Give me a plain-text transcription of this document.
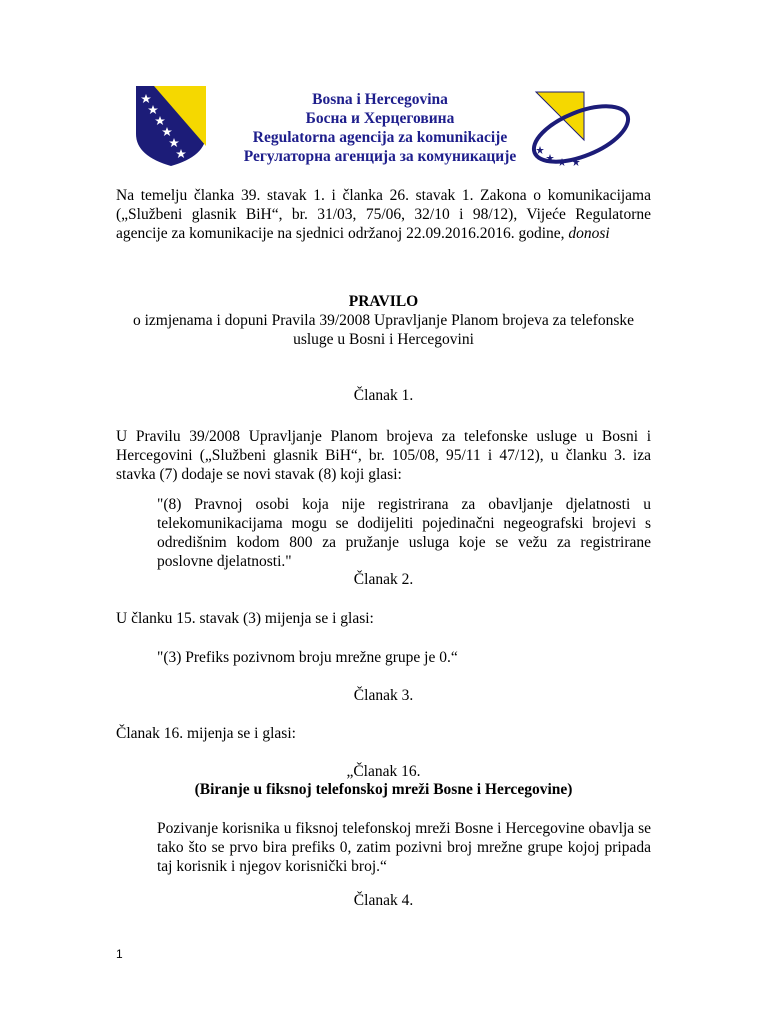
Bosna i Hercegovina
Босна и Херцеговина
Regulatorna agencija za komunikacije
Регулаторна агенција за комуникације

Na temelju članka 39. stavak 1. i članka 26. stavak 1. Zakona o komunikacijama („Službeni glasnik BiH“, br. 31/03, 75/06, 32/10 i 98/12), Vijeće Regulatorne agencije za komunikacije na sjednici održanoj 22.09.2016.2016. godine, donosi

PRAVILO
o izmjenama i dopuni Pravila 39/2008 Upravljanje Planom brojeva za telefonske usluge u Bosni i Hercegovini
Članak 1.

U Pravilu 39/2008 Upravljanje Planom brojeva za telefonske usluge u Bosni i Hercegovini („Službeni glasnik BiH“, br. 105/08, 95/11 i 47/12), u članku 3. iza stavka (7) dodaje se novi stavak (8) koji glasi:

"(8) Pravnoj osobi koja nije registrirana za obavljanje djelatnosti u telekomunikacijama mogu se dodijeliti pojedinačni negeografski brojevi s odredišnim kodom 800 za pružanje usluga koje se vežu za registrirane poslovne djelatnosti."

Članak 2.

U članku 15. stavak (3) mijenja se i glasi:

"(3) Prefiks pozivnom broju mrežne grupe je 0.“

Članak 3.

Članak 16. mijenja se i glasi:

„Članak 16.
(Biranje u fiksnoj telefonskoj mreži Bosne i Hercegovine)

Pozivanje korisnika u fiksnoj telefonskoj mreži Bosne i Hercegovine obavlja se tako što se prvo bira prefiks 0, zatim pozivni broj mrežne grupe kojoj pripada taj korisnik i njegov korisnički broj.“

Članak 4.
1
